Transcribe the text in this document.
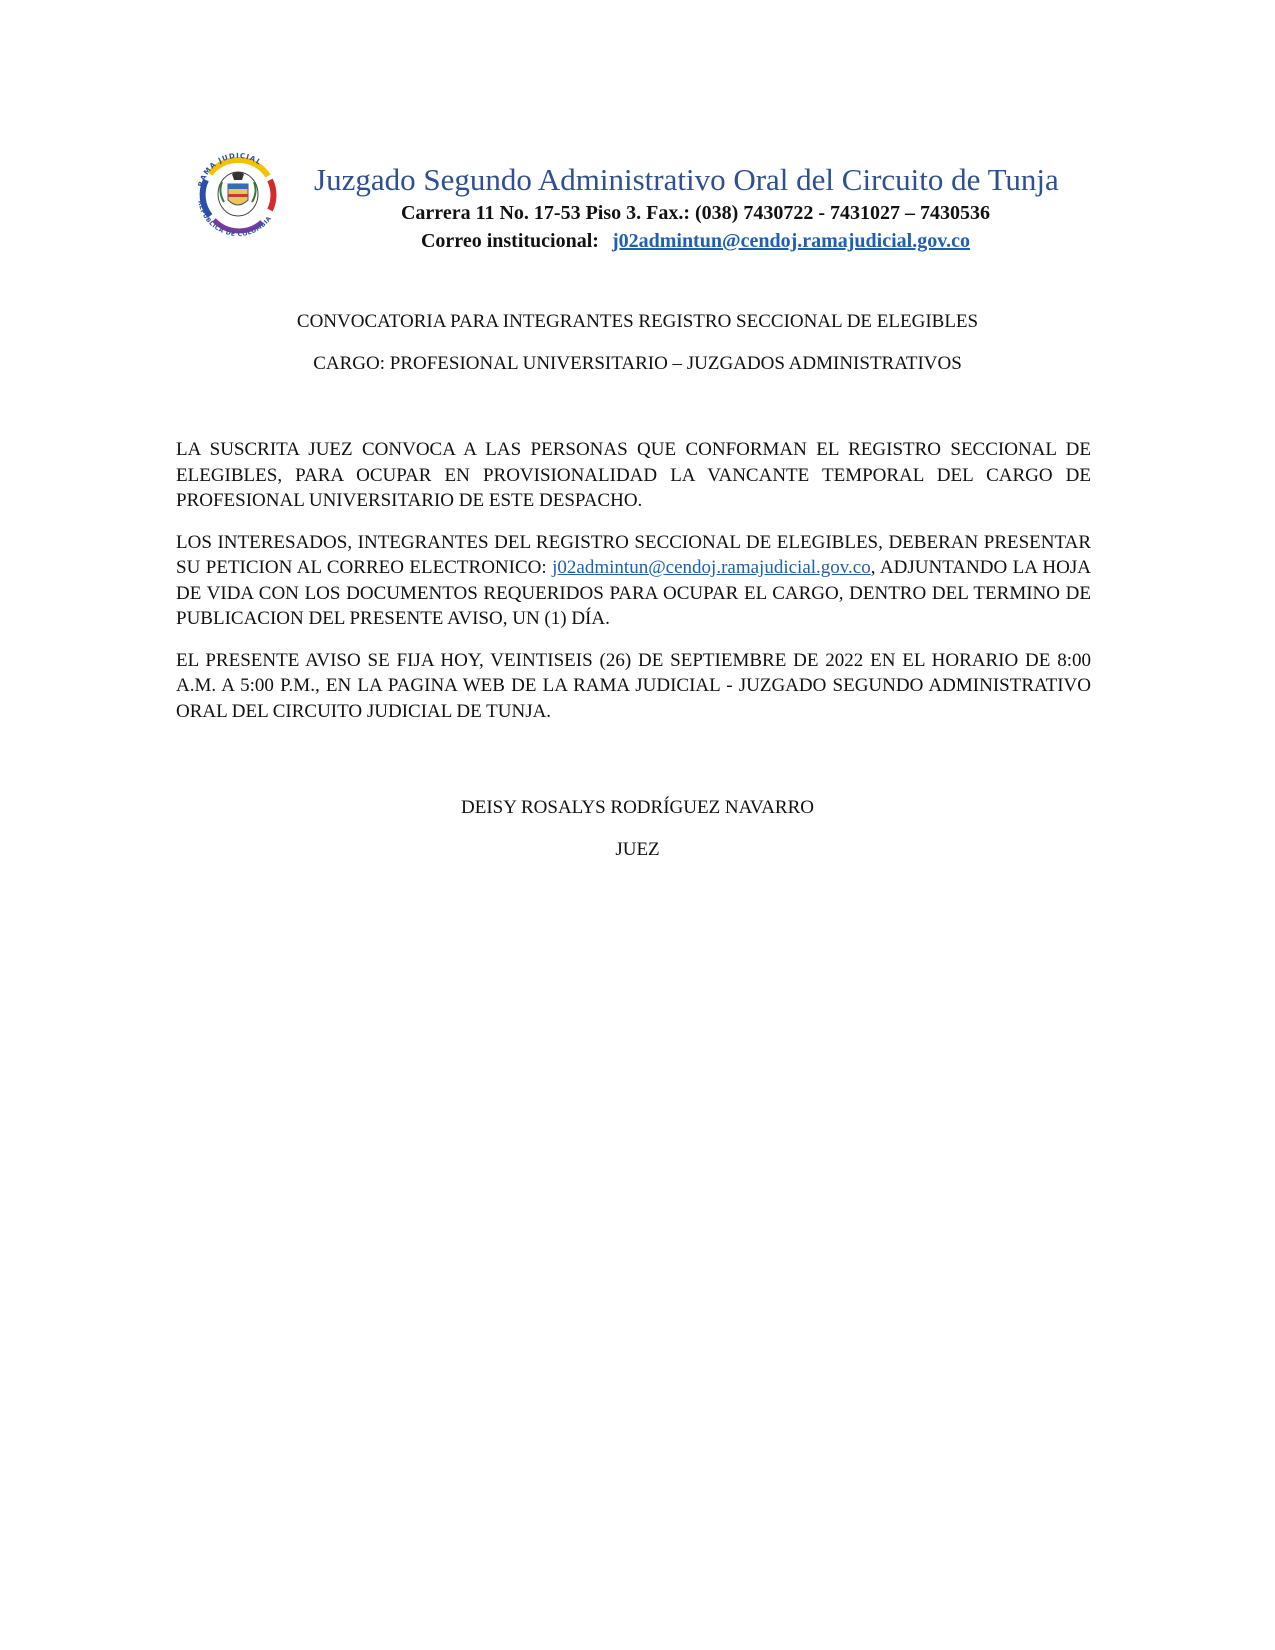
RAMA JUDICIAL
REPUBLICA DE COLOMBIA
Juzgado Segundo Administrativo Oral del Circuito de Tunja
Carrera 11 No. 17-53 Piso 3. Fax.: (038) 7430722 - 7431027 – 7430536
Correo institucional: j02admintun@cendoj.ramajudicial.gov.co
CONVOCATORIA PARA INTEGRANTES REGISTRO SECCIONAL DE ELEGIBLES
CARGO: PROFESIONAL UNIVERSITARIO – JUZGADOS ADMINISTRATIVOS

LA SUSCRITA JUEZ CONVOCA A LAS PERSONAS QUE CONFORMAN EL REGISTRO SECCIONAL DE ELEGIBLES, PARA OCUPAR EN PROVISIONALIDAD LA VANCANTE TEMPORAL DEL CARGO DE PROFESIONAL UNIVERSITARIO DE ESTE DESPACHO.

LOS INTERESADOS, INTEGRANTES DEL REGISTRO SECCIONAL DE ELEGIBLES, DEBERAN PRESENTAR SU PETICION AL CORREO ELECTRONICO: j02admintun@cendoj.ramajudicial.gov.co, ADJUNTANDO LA HOJA DE VIDA CON LOS DOCUMENTOS REQUERIDOS PARA OCUPAR EL CARGO, DENTRO DEL TERMINO DE PUBLICACION DEL PRESENTE AVISO, UN (1) DÍA.

EL PRESENTE AVISO SE FIJA HOY, VEINTISEIS (26) DE SEPTIEMBRE DE 2022 EN EL HORARIO DE 8:00 A.M. A 5:00 P.M., EN LA PAGINA WEB DE LA RAMA JUDICIAL - JUZGADO SEGUNDO ADMINISTRATIVO ORAL DEL CIRCUITO JUDICIAL DE TUNJA.

DEISY ROSALYS RODRÍGUEZ NAVARRO
JUEZ
